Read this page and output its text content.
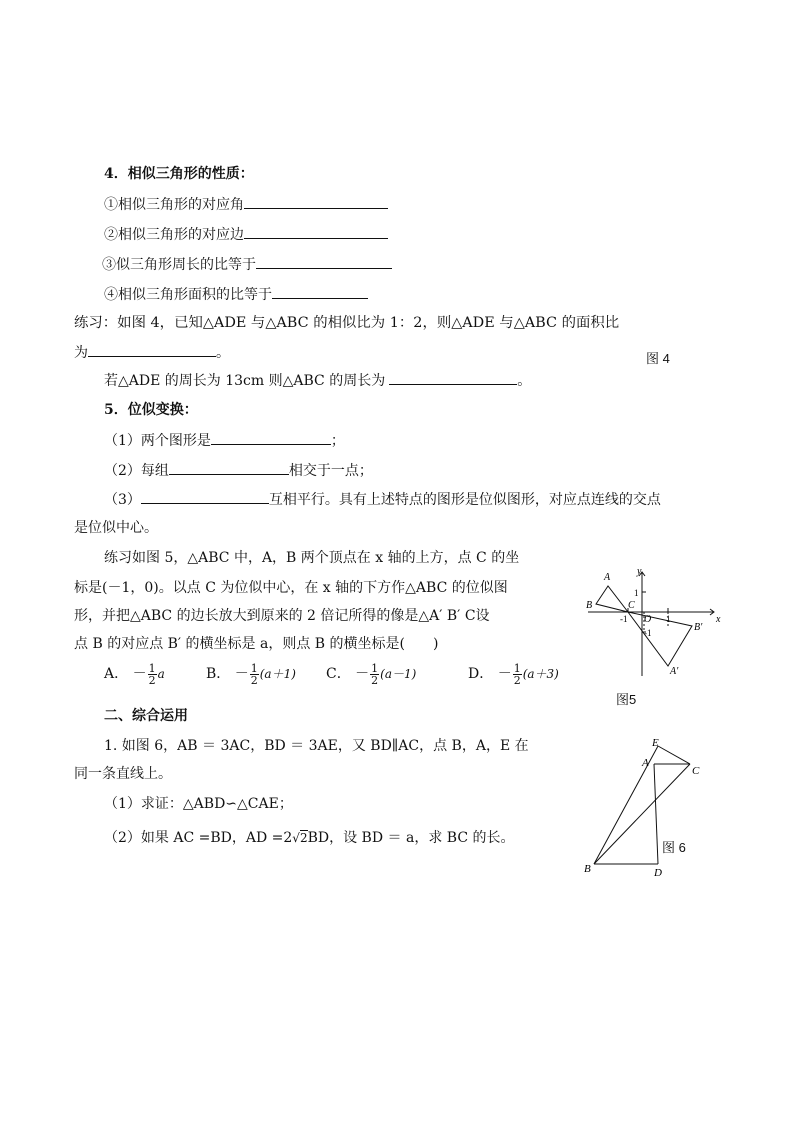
4．相似三角形的性质：
①相似三角形的对应角
②相似三角形的对应边
③似三角形周长的比等于
④相似三角形面积的比等于
练习：如图 4，已知△ADE 与△ABC 的相似比为 1：2，则△ADE 与△ABC 的面积比
为	。	图 4
若△ADE 的周长为 13cm 则△ABC 的周长为	。
5．位似变换：
（1）两个图形是	；
（2）每组	相交于一点；
（3）	互相平行。具有上述特点的图形是位似图形，对应点连线的交点
是位似中心。
练习如图 5，△ABC 中，A，B 两个顶点在 x 轴的上方，点 C 的坐
标是(－1，0)。以点 C 为位似中心，在 x 轴的下方作△ABC 的位似图
形，并把△ABC 的边长放大到原来的 2 倍记所得的像是△A′ B′ C设
点 B 的对应点 B′ 的横坐标是 a，则点 B 的横坐标是(　　)
A． － $\frac{1}{2}$ a	B． － $\frac{1}{2} (a+1)$ C． － $\frac{1}{2} (a-1)$	D． － $\frac{1}{2} (a+3)$
A
B	C
O
B′
A′
x
y
1
-1	1
-1
图5
二、综合运用
1. 如图 6，AB ＝ 3AC，BD ＝ 3AE，又 BD∥AC，点 B，A，E 在
同一条直线上。
（1）求证：△ABD∽△CAE；
（2）如果 AC =BD，AD =2√2BD，设 BD ＝ a，求 BC 的长。
E
A
C
B	D
图 6
